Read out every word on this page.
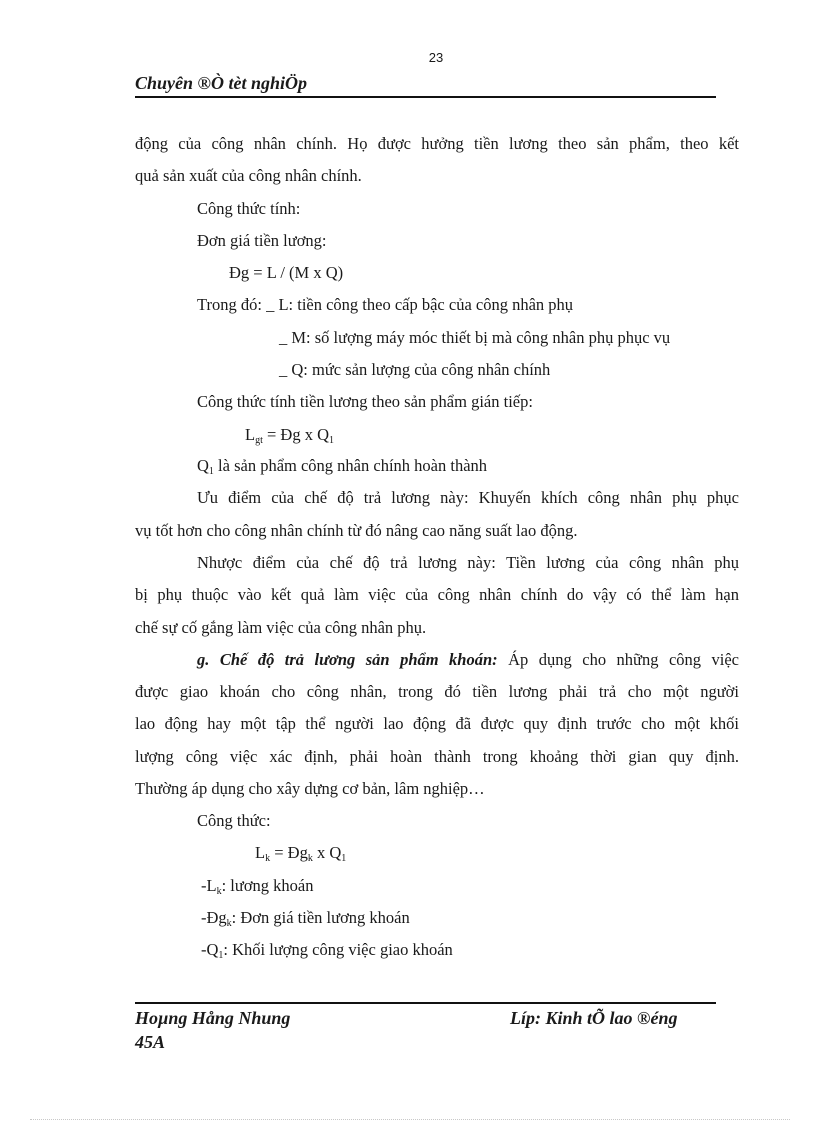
23
Chuyên ®Ò tèt nghiÖp
động của công nhân chính. Họ được hưởng tiền lương theo sản phẩm, theo kết
quả sản xuất của công nhân chính.
Công thức tính:
Đơn giá tiền lương:
Đg = L / (M x Q)
Trong đó: _ L: tiền công theo cấp bậc của công nhân phụ
_ M: số lượng máy móc thiết bị mà công nhân phụ phục vụ
_ Q: mức sản lượng của công nhân chính
Công thức tính tiền lương theo sản phẩm gián tiếp:
$L_{gt}$ = Đg x $Q_1$
$Q_1$ là sản phẩm công nhân chính hoàn thành
Ưu điểm của chế độ trả lương này: Khuyến khích công nhân phụ phục
vụ tốt hơn cho công nhân chính từ đó nâng cao năng suất lao động.
Nhược điểm của chế độ trả lương này: Tiền lương của công nhân phụ
bị phụ thuộc vào kết quả làm việc của công nhân chính do vậy có thể làm hạn
chế sự cố gắng làm việc của công nhân phụ.
g. Chế độ trả lương sản phẩm khoán: Áp dụng cho những công việc
được giao khoán cho công nhân, trong đó tiền lương phải trả cho một người
lao động hay một tập thể người lao động đã được quy định trước cho một khối
lượng công việc xác định, phải hoàn thành trong khoảng thời gian quy định.
Thường áp dụng cho xây dựng cơ bản, lâm nghiệp…
Công thức:
$L_k$ = $Đg_k$ x $Q_1$
$-L_k$: lương khoán
$-Đg_k$: Đơn giá tiền lương khoán
$-Q_1$: Khối lượng công việc giao khoán
Hoµng Hång Nhung	Líp: Kinh tÕ lao ®éng
45A
